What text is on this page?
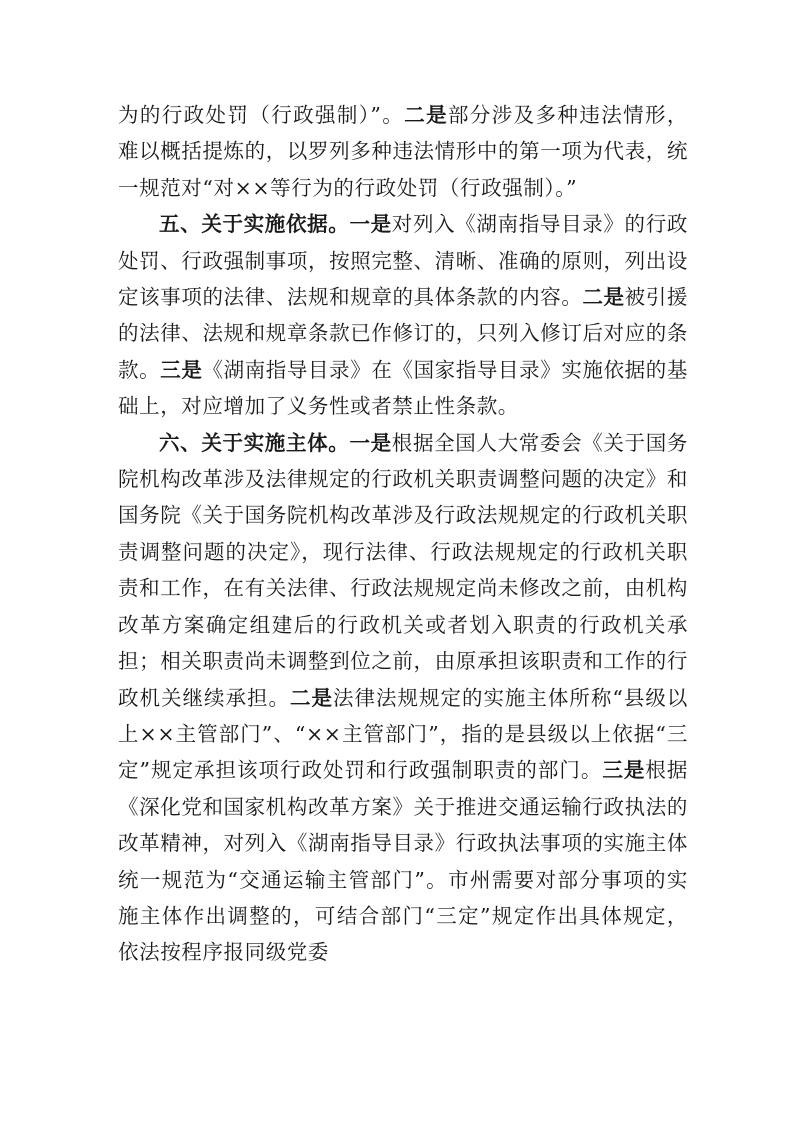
为的行政处罚（行政强制）”。二是部分涉及多种违法情形，难以概括提炼的，以罗列多种违法情形中的第一项为代表，统一规范对“对××等行为的行政处罚（行政强制）。”

五、关于实施依据。一是对列入《湖南指导目录》的行政处罚、行政强制事项，按照完整、清晰、准确的原则，列出设定该事项的法律、法规和规章的具体条款的内容。二是被引援的法律、法规和规章条款已作修订的，只列入修订后对应的条款。三是《湖南指导目录》在《国家指导目录》实施依据的基础上，对应增加了义务性或者禁止性条款。

六、关于实施主体。一是根据全国人大常委会《关于国务院机构改革涉及法律规定的行政机关职责调整问题的决定》和国务院《关于国务院机构改革涉及行政法规规定的行政机关职责调整问题的决定》，现行法律、行政法规规定的行政机关职责和工作，在有关法律、行政法规规定尚未修改之前，由机构改革方案确定组建后的行政机关或者划入职责的行政机关承担；相关职责尚未调整到位之前，由原承担该职责和工作的行政机关继续承担。二是法律法规规定的实施主体所称“县级以上××主管部门”、“××主管部门”，指的是县级以上依据“三定”规定承担该项行政处罚和行政强制职责的部门。三是根据《深化党和国家机构改革方案》关于推进交通运输行政执法的改革精神，对列入《湖南指导目录》行政执法事项的实施主体统一规范为“交通运输主管部门”。市州需要对部分事项的实施主体作出调整的，可结合部门“三定”规定作出具体规定，依法按程序报同级党委
